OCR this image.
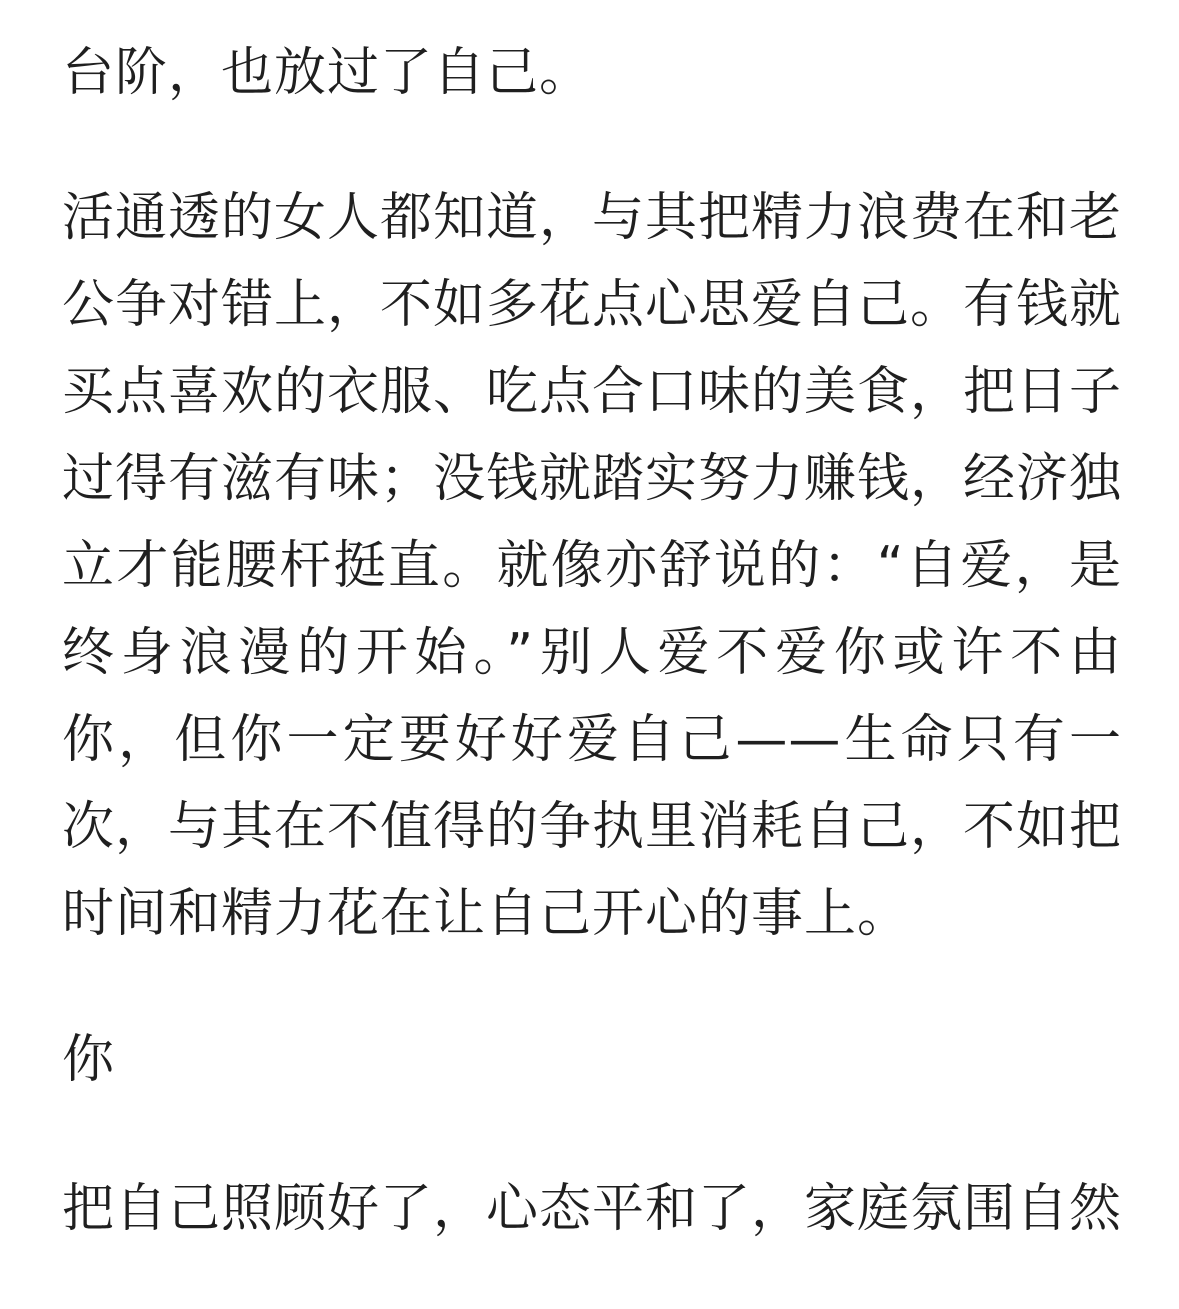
台阶，也放过了自己。

活通透的女人都知道，与其把精力浪费在和老公争对错上，不如多花点心思爱自己。有钱就买点喜欢的衣服、吃点合口味的美食，把日子过得有滋有味；没钱就踏实努力赚钱，经济独立才能腰杆挺直。就像亦舒说的：“自爱，是终身浪漫的开始。”别人爱不爱你或许不由你，但你一定要好好爱自己——生命只有一次，与其在不值得的争执里消耗自己，不如把时间和精力花在让自己开心的事上。

你

把自己照顾好了，心态平和了，家庭氛围自然
